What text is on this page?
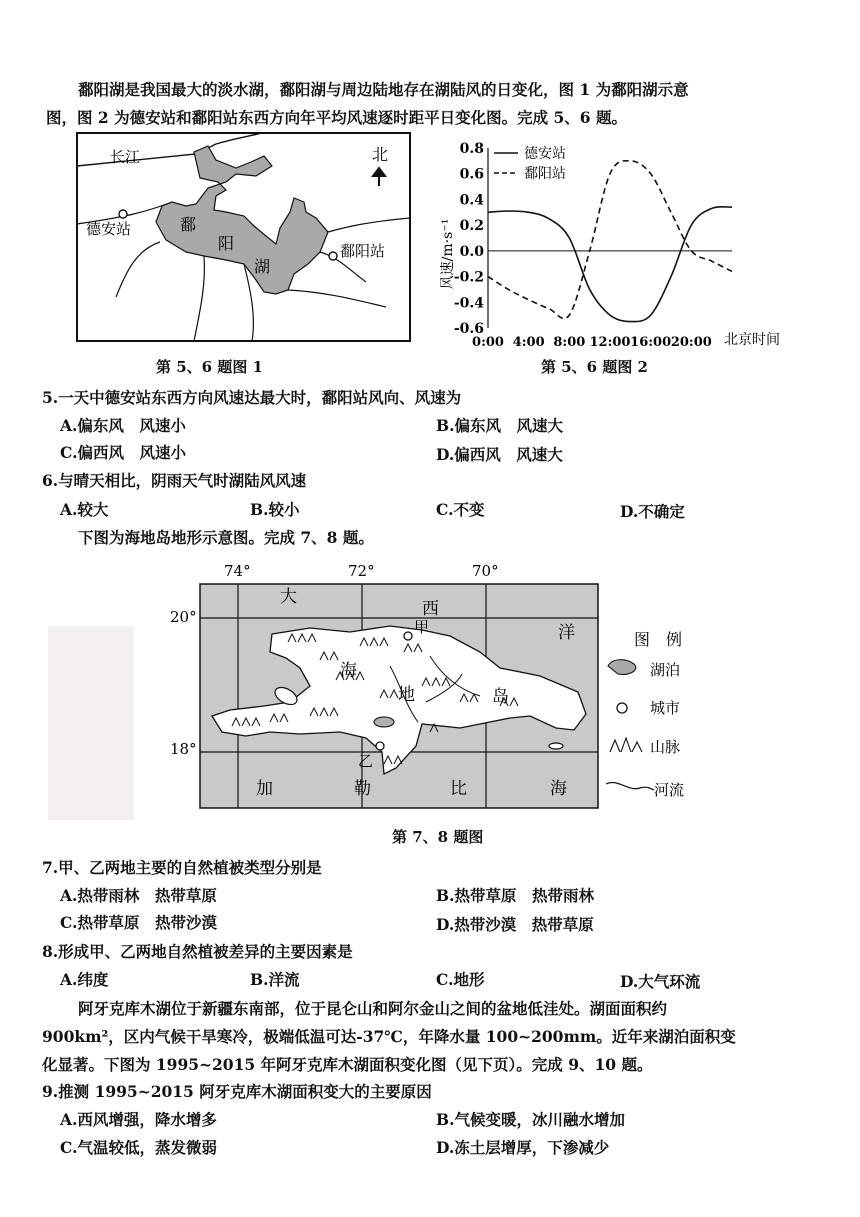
鄱阳湖是我国最大的淡水湖，鄱阳湖与周边陆地存在湖陆风的日变化，图 1 为鄱阳湖示意
图，图 2 为德安站和鄱阳站东西方向年平均风速逐时距平日变化图。完成 5、6 题。
长江	北
德安站
鄱阳站
鄱
阳
湖
第 5、6 题图 1
风速/m·s⁻¹
北京时间
0.8
0.6
0.4
0.2
0.0
-0.2
-0.4
-0.6
0:00 4:00 8:00 12:00 16:00 20:00
德安站
鄱阳站
第 5、6 题图 2
5.一天中德安站东西方向风速达最大时，鄱阳站风向、风速为
A.偏东风　风速小	B.偏东风　风速大
C.偏西风　风速小	D.偏西风　风速大
6.与晴天相比，阴雨天气时湖陆风风速
A.较大	B.较小	C.不变	D.不确定
下图为海地岛地形示意图。完成 7、8 题。
74°	72°	70°
20°
18°
甲
乙
大
西
洋
加	勒	比	海
海
地	岛
图　例
湖泊
城市
山脉
河流
第 7、8 题图
7.甲、乙两地主要的自然植被类型分别是
A.热带雨林　热带草原	B.热带草原　热带雨林
C.热带草原　热带沙漠	D.热带沙漠　热带草原
8.形成甲、乙两地自然植被差异的主要因素是
A.纬度	B.洋流	C.地形	D.大气环流
阿牙克库木湖位于新疆东南部，位于昆仑山和阿尔金山之间的盆地低洼处。湖面面积约
900km²，区内气候干旱寒冷，极端低温可达-37℃，年降水量 100~200mm。近年来湖泊面积变
化显著。下图为 1995~2015 年阿牙克库木湖面积变化图（见下页）。完成 9、10 题。
9.推测 1995~2015 阿牙克库木湖面积变大的主要原因
A.西风增强，降水增多	B.气候变暖，冰川融水增加
C.气温较低，蒸发微弱	D.冻土层增厚，下渗减少
